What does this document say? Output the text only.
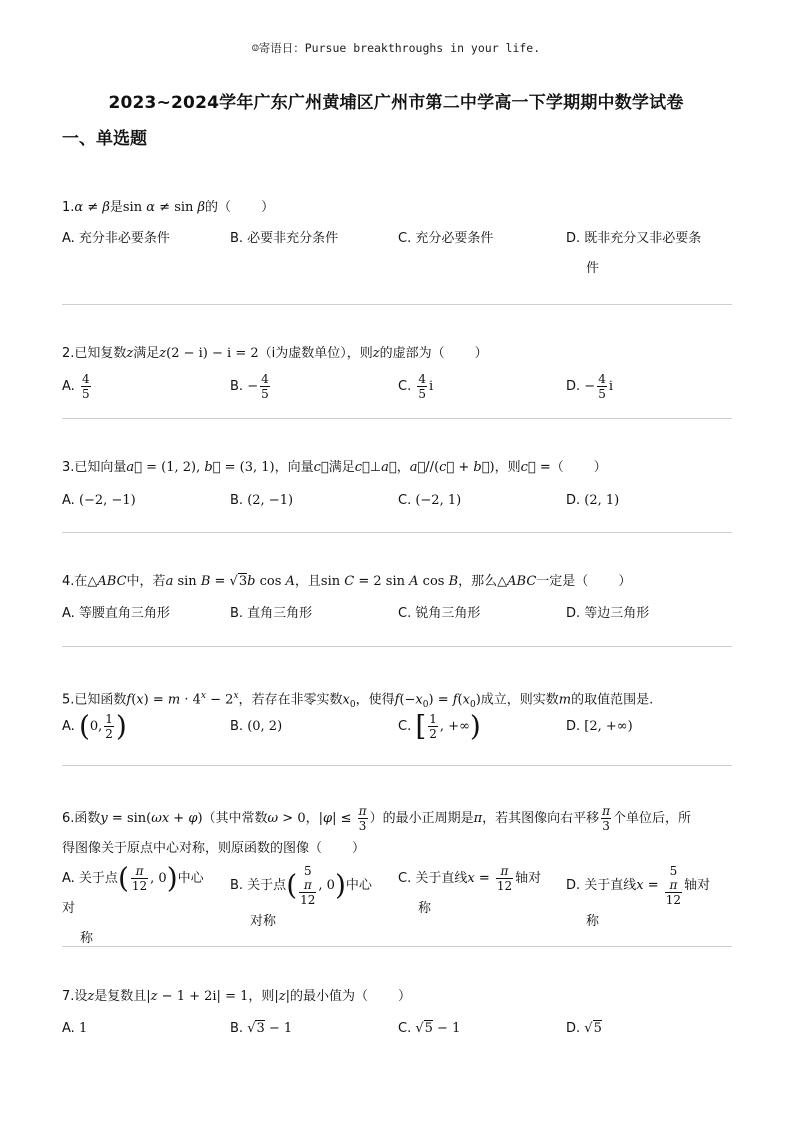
☺寄语日：Pursue breakthroughs in your life.
2023~2024学年广东广州黄埔区广州市第二中学高一下学期期中数学试卷
一、单选题
1.α ≠ β是sin α ≠ sin β的（ ）
A. 充分非必要条件	B. 必要非充分条件	C. 充分必要条件	D. 既非充分又非必要条
件
2.已知复数z满足z(2 − i) − i = 2（i为虚数单位），则z的虚部为（ ）
A. $\frac{4}{5}$	B. − $\frac{4}{5}$	C. $\frac{4}{5}$ i	D. − $\frac{4}{5}$ i
3.已知向量a⃗ = (1, 2), b⃗ = (3, 1)，向量c⃗满足c⃗⊥a⃗，a⃗//(c⃗ + b⃗)，则c⃗ =（ ）
A. (−2, −1)	B. (2, −1)	C. (−2, 1)	D. (2, 1)
4.在△ABC中，若a sin B = √3b cos A，且sin C = 2 sin A cos B，那么△ABC一定是（ ）
A. 等腰直角三角形	B. 直角三角形	C. 锐角三角形	D. 等边三角形
5.已知函数$f(x) = m \cdot 4^x - 2^x$，若存在非零实数$x_0$，使得$f(-x_0) = f(x_0)$成立，则实数m的取值范围是.
A. (0, $\frac{1}{2}$ )	B. (0, 2)	C. [ $\frac{1}{2}$ , +∞)	D. [2, +∞)
6.函数y = sin(ωx + φ)（其中常数ω > 0，$|\varphi| \le \frac{\pi}{3}$ ）的最小正周期是π，若其图像向右平移 $\frac{\pi}{3}$ 个单位后，所
得图像关于原点中心对称，则原函数的图像（ ）
A. 关于点( $\frac{\pi}{12}$ , 0)中心对
称
B. 关于点( 5
π
12 , 0)中心
对称
C. 关于直线$x = \frac{\pi}{12}$ 轴对
称
D. 关于直线x = 5
π
12 轴对
称
7.设z是复数且|z − 1 + 2i| = 1，则|z|的最小值为（ ）
A. 1	B. √3 − 1	C. √5 − 1	D. √5
